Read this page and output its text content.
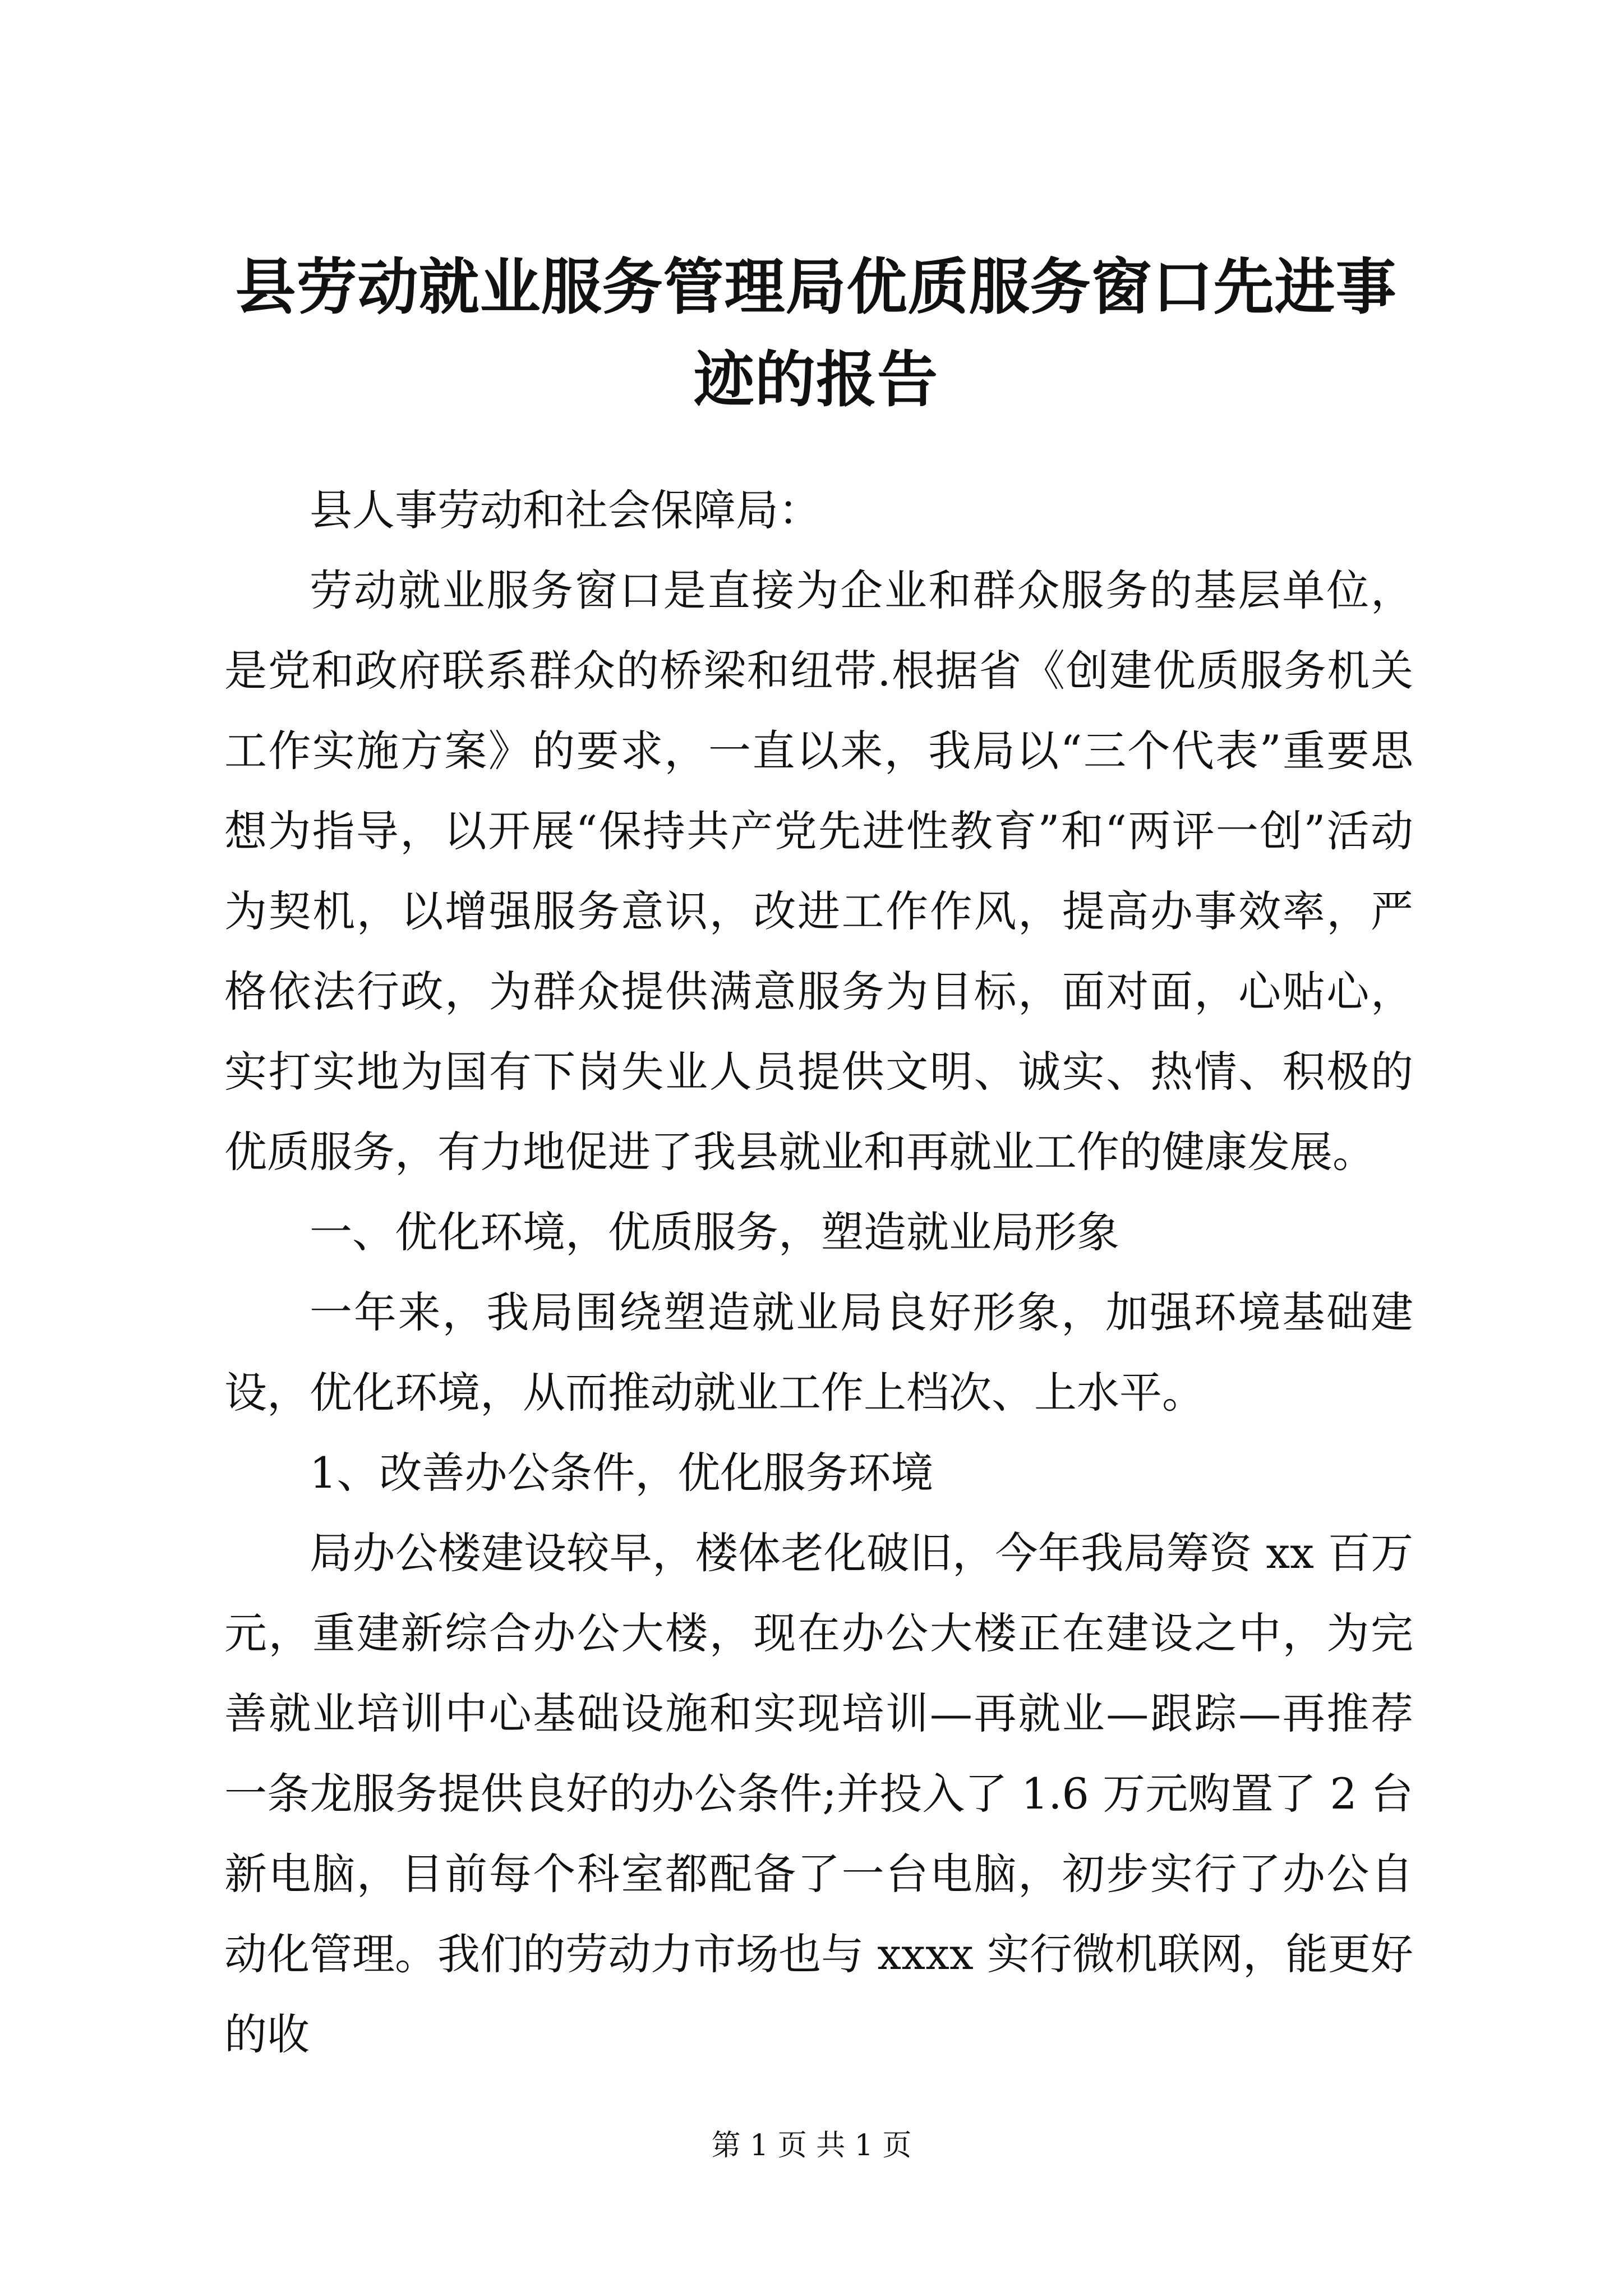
县劳动就业服务管理局优质服务窗口先进事迹的报告

县人事劳动和社会保障局：

劳动就业服务窗口是直接为企业和群众服务的基层单位，是党和政府联系群众的桥梁和纽带.根据省《创建优质服务机关工作实施方案》的要求，一直以来，我局以“三个代表”重要思想为指导，以开展“保持共产党先进性教育”和“两评一创”活动为契机，以增强服务意识，改进工作作风，提高办事效率，严格依法行政，为群众提供满意服务为目标，面对面，心贴心，实打实地为国有下岗失业人员提供文明、诚实、热情、积极的优质服务，有力地促进了我县就业和再就业工作的健康发展。

一、优化环境，优质服务，塑造就业局形象

一年来，我局围绕塑造就业局良好形象，加强环境基础建设，优化环境，从而推动就业工作上档次、上水平。

1、改善办公条件，优化服务环境

局办公楼建设较早，楼体老化破旧，今年我局筹资 xx 百万元，重建新综合办公大楼，现在办公大楼正在建设之中，为完善就业培训中心基础设施和实现培训—再就业—跟踪—再推荐一条龙服务提供良好的办公条件;并投入了 1.6 万元购置了 2 台新电脑，目前每个科室都配备了一台电脑，初步实行了办公自动化管理。我们的劳动力市场也与 xxxx 实行微机联网，能更好的收

第 1 页 共 1 页
